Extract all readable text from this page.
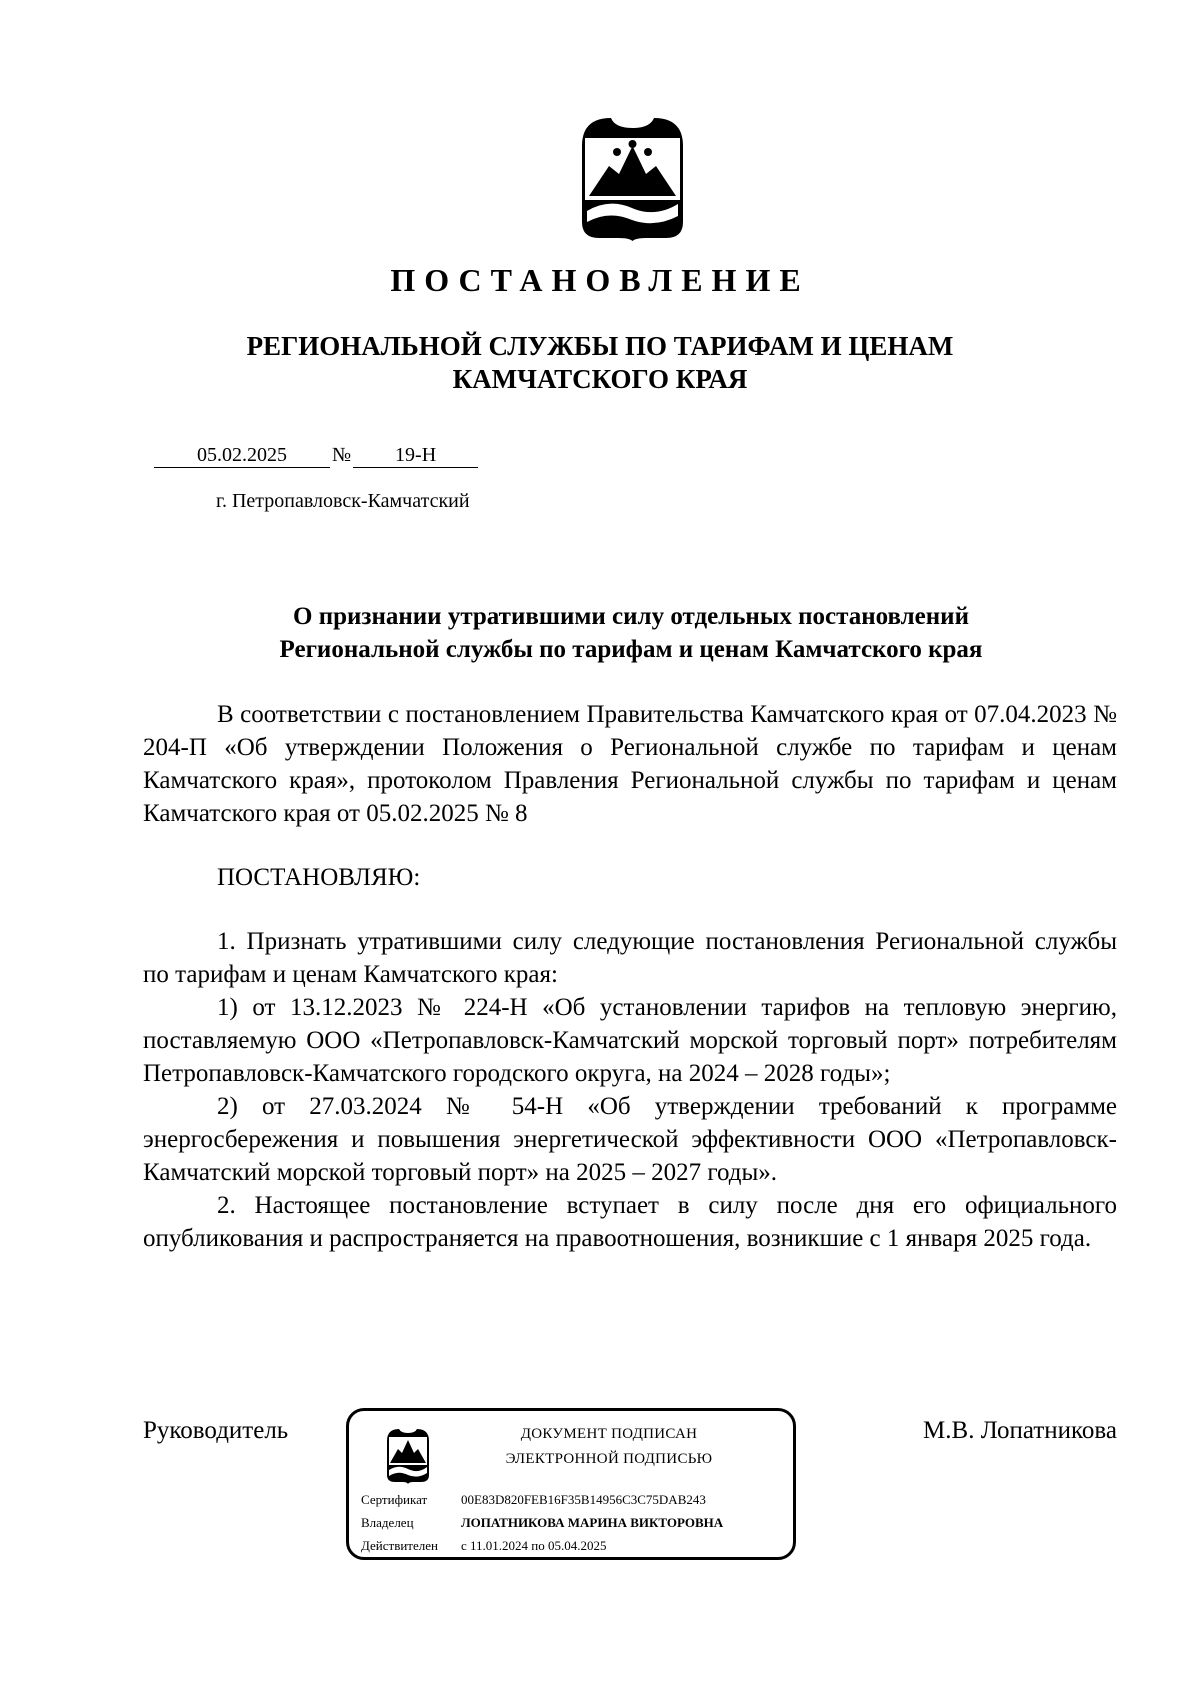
ПОСТАНОВЛЕНИЕ
РЕГИОНАЛЬНОЙ СЛУЖБЫ ПО ТАРИФАМ И ЦЕНАМ
КАМЧАТСКОГО КРАЯ
05.02.2025 № 19-Н
г. Петропавловск-Камчатский
О признании утратившими силу отдельных постановлений
Региональной службы по тарифам и ценам Камчатского края

В соответствии с постановлением Правительства Камчатского края от 07.04.2023 № 204-П «Об утверждении Положения о Региональной службе по тарифам и ценам Камчатского края», протоколом Правления Региональной службы по тарифам и ценам Камчатского края от 05.02.2025 № 8

ПОСТАНОВЛЯЮ:

1. Признать утратившими силу следующие постановления Региональной службы по тарифам и ценам Камчатского края:

1) от 13.12.2023 № 224-Н «Об установлении тарифов на тепловую энергию, поставляемую ООО «Петропавловск-Камчатский морской торговый порт» потребителям Петропавловск-Камчатского городского округа, на 2024 – 2028 годы»;

2) от 27.03.2024 № 54-Н «Об утверждении требований к программе энергосбережения и повышения энергетической эффективности ООО «Петропавловск-Камчатский морской торговый порт» на 2025 – 2027 годы».

2. Настоящее постановление вступает в силу после дня его официального опубликования и распространяется на правоотношения, возникшие с 1 января 2025 года.

Руководитель	М.В. Лопатникова
ДОКУМЕНТ ПОДПИСАН
ЭЛЕКТРОННОЙ ПОДПИСЬЮ
Сертификат	00E83D820FEB16F35B14956C3C75DAB243
Владелец	ЛОПАТНИКОВА МАРИНА ВИКТОРОВНА
Действителен с 11.01.2024 по 05.04.2025
